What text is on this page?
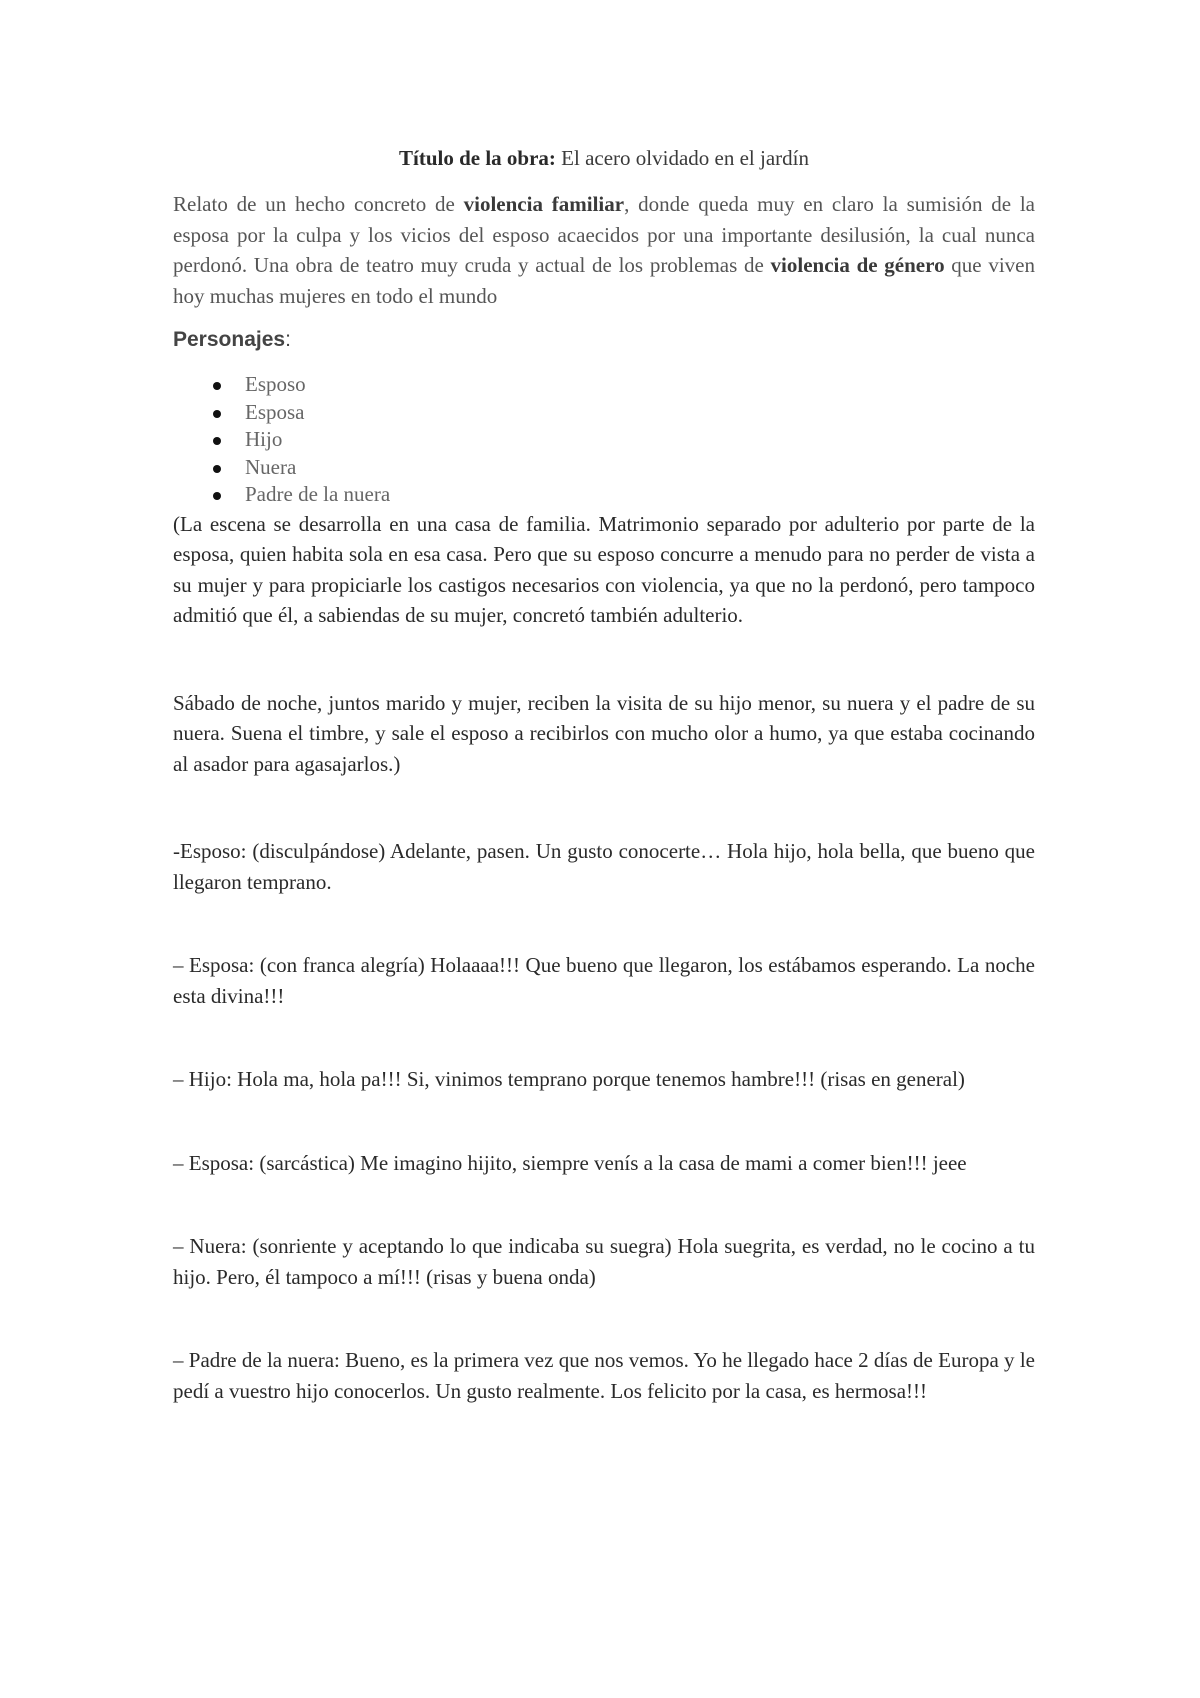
Título de la obra: El acero olvidado en el jardín

Relato de un hecho concreto de violencia familiar, donde queda muy en claro la sumisión de la esposa por la culpa y los vicios del esposo acaecidos por una importante desilusión, la cual nunca perdonó. Una obra de teatro muy cruda y actual de los problemas de violencia de género que viven hoy muchas mujeres en todo el mundo

Personajes:
Esposo
Esposa
Hijo
Nuera
Padre de la nuera

(La escena se desarrolla en una casa de familia. Matrimonio separado por adulterio por parte de la esposa, quien habita sola en esa casa. Pero que su esposo concurre a menudo para no perder de vista a su mujer y para propiciarle los castigos necesarios con violencia, ya que no la perdonó, pero tampoco admitió que él, a sabiendas de su mujer, concretó también adulterio.

Sábado de noche, juntos marido y mujer, reciben la visita de su hijo menor, su nuera y el padre de su nuera. Suena el timbre, y sale el esposo a recibirlos con mucho olor a humo, ya que estaba cocinando al asador para agasajarlos.)

-Esposo: (disculpándose) Adelante, pasen. Un gusto conocerte… Hola hijo, hola bella, que bueno que llegaron temprano.

– Esposa: (con franca alegría) Holaaaa!!! Que bueno que llegaron, los estábamos esperando. La noche esta divina!!!

– Hijo: Hola ma, hola pa!!! Si, vinimos temprano porque tenemos hambre!!! (risas en general)

– Esposa: (sarcástica) Me imagino hijito, siempre venís a la casa de mami a comer bien!!! jeee

– Nuera: (sonriente y aceptando lo que indicaba su suegra) Hola suegrita, es verdad, no le cocino a tu hijo. Pero, él tampoco a mí!!! (risas y buena onda)

– Padre de la nuera: Bueno, es la primera vez que nos vemos. Yo he llegado hace 2 días de Europa y le pedí a vuestro hijo conocerlos. Un gusto realmente. Los felicito por la casa, es hermosa!!!
